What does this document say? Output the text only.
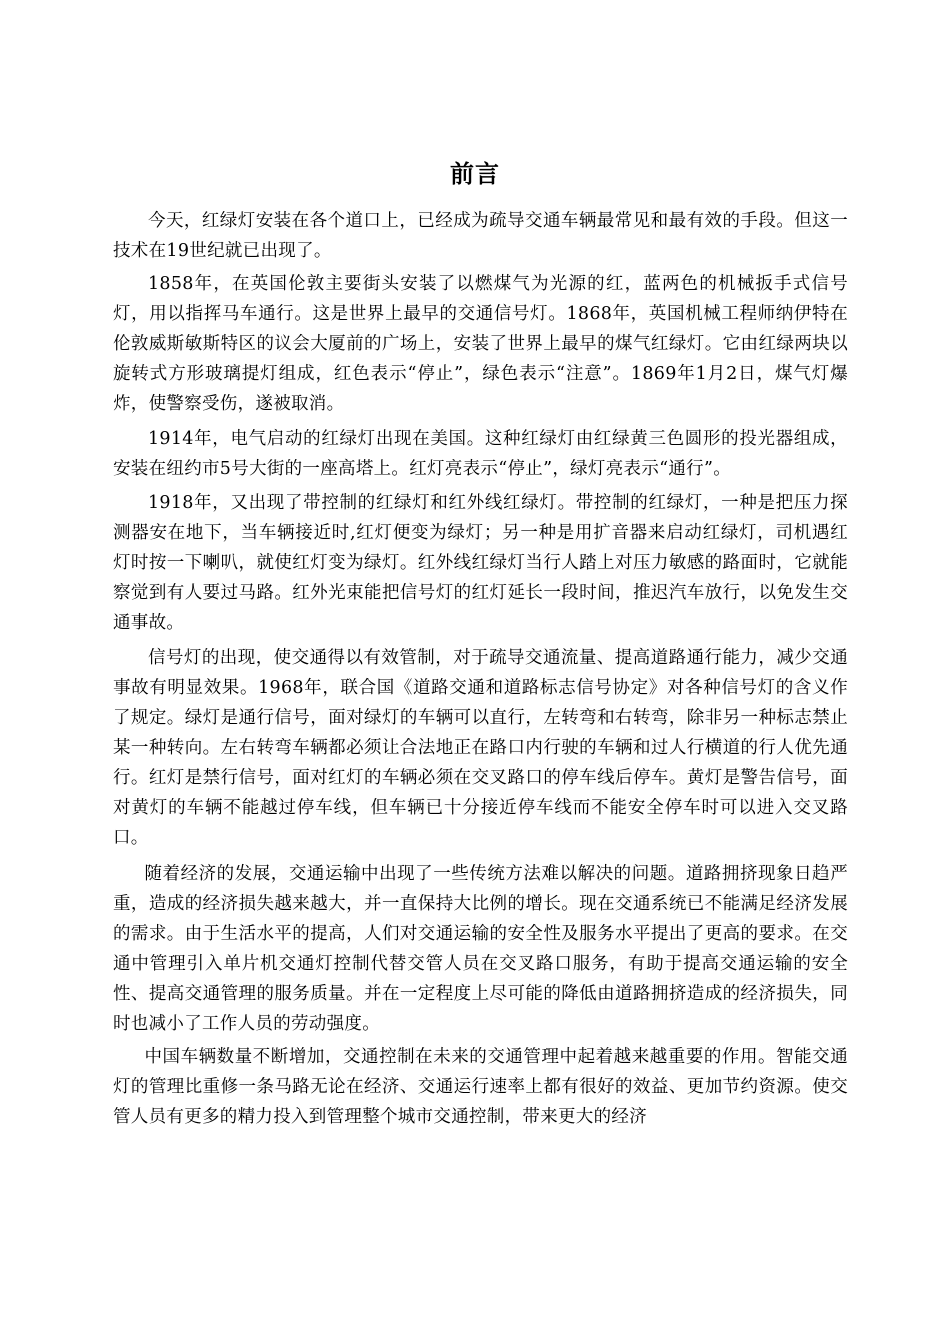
前言

今天，红绿灯安装在各个道口上，已经成为疏导交通车辆最常见和最有效的手段。但这一技术在19世纪就已出现了。

1858年，在英国伦敦主要街头安装了以燃煤气为光源的红，蓝两色的机械扳手式信号灯，用以指挥马车通行。这是世界上最早的交通信号灯。1868年，英国机械工程师纳伊特在伦敦威斯敏斯特区的议会大厦前的广场上，安装了世界上最早的煤气红绿灯。它由红绿两块以旋转式方形玻璃提灯组成，红色表示“停止”，绿色表示“注意”。1869年1月2日，煤气灯爆炸，使警察受伤，遂被取消。

1914年，电气启动的红绿灯出现在美国。这种红绿灯由红绿黄三色圆形的投光器组成，安装在纽约市5号大街的一座高塔上。红灯亮表示“停止”，绿灯亮表示“通行”。

1918年，又出现了带控制的红绿灯和红外线红绿灯。带控制的红绿灯，一种是把压力探测器安在地下，当车辆接近时,红灯便变为绿灯；另一种是用扩音器来启动红绿灯，司机遇红灯时按一下喇叭，就使红灯变为绿灯。红外线红绿灯当行人踏上对压力敏感的路面时，它就能察觉到有人要过马路。红外光束能把信号灯的红灯延长一段时间，推迟汽车放行，以免发生交通事故。

信号灯的出现，使交通得以有效管制，对于疏导交通流量、提高道路通行能力，减少交通事故有明显效果。1968年，联合国《道路交通和道路标志信号协定》对各种信号灯的含义作了规定。绿灯是通行信号，面对绿灯的车辆可以直行，左转弯和右转弯，除非另一种标志禁止某一种转向。左右转弯车辆都必须让合法地正在路口内行驶的车辆和过人行横道的行人优先通行。红灯是禁行信号，面对红灯的车辆必须在交叉路口的停车线后停车。黄灯是警告信号，面对黄灯的车辆不能越过停车线，但车辆已十分接近停车线而不能安全停车时可以进入交叉路口。

随着经济的发展，交通运输中出现了一些传统方法难以解决的问题。道路拥挤现象日趋严重，造成的经济损失越来越大，并一直保持大比例的增长。现在交通系统已不能满足经济发展的需求。由于生活水平的提高，人们对交通运输的安全性及服务水平提出了更高的要求。在交通中管理引入单片机交通灯控制代替交管人员在交叉路口服务，有助于提高交通运输的安全性、提高交通管理的服务质量。并在一定程度上尽可能的降低由道路拥挤造成的经济损失，同时也减小了工作人员的劳动强度。

中国车辆数量不断增加，交通控制在未来的交通管理中起着越来越重要的作用。智能交通灯的管理比重修一条马路无论在经济、交通运行速率上都有很好的效益、更加节约资源。使交管人员有更多的精力投入到管理整个城市交通控制，带来更大的经济
